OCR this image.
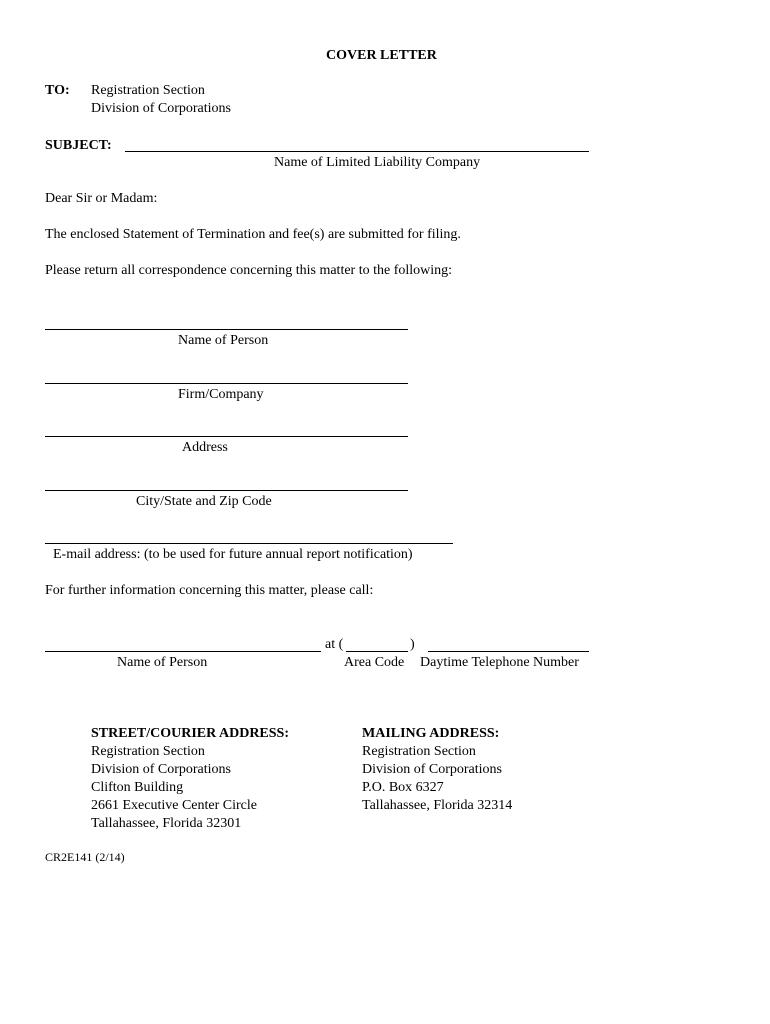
COVER LETTER
TO: Registration Section
Division of Corporations
SUBJECT:
Name of Limited Liability Company
Dear Sir or Madam:
The enclosed Statement of Termination and fee(s) are submitted for filing.
Please return all correspondence concerning this matter to the following:
Name of Person
Firm/Company
Address
City/State and Zip Code
E-mail address: (to be used for future annual report notification)
For further information concerning this matter, please call:
at (	)
Name of Person	Area Code Daytime Telephone Number
STREET/COURIER ADDRESS:
Registration Section
Division of Corporations
Clifton Building
2661 Executive Center Circle
Tallahassee, Florida 32301
MAILING ADDRESS:
Registration Section
Division of Corporations
P.O. Box 6327
Tallahassee, Florida 32314
CR2E141 (2/14)
